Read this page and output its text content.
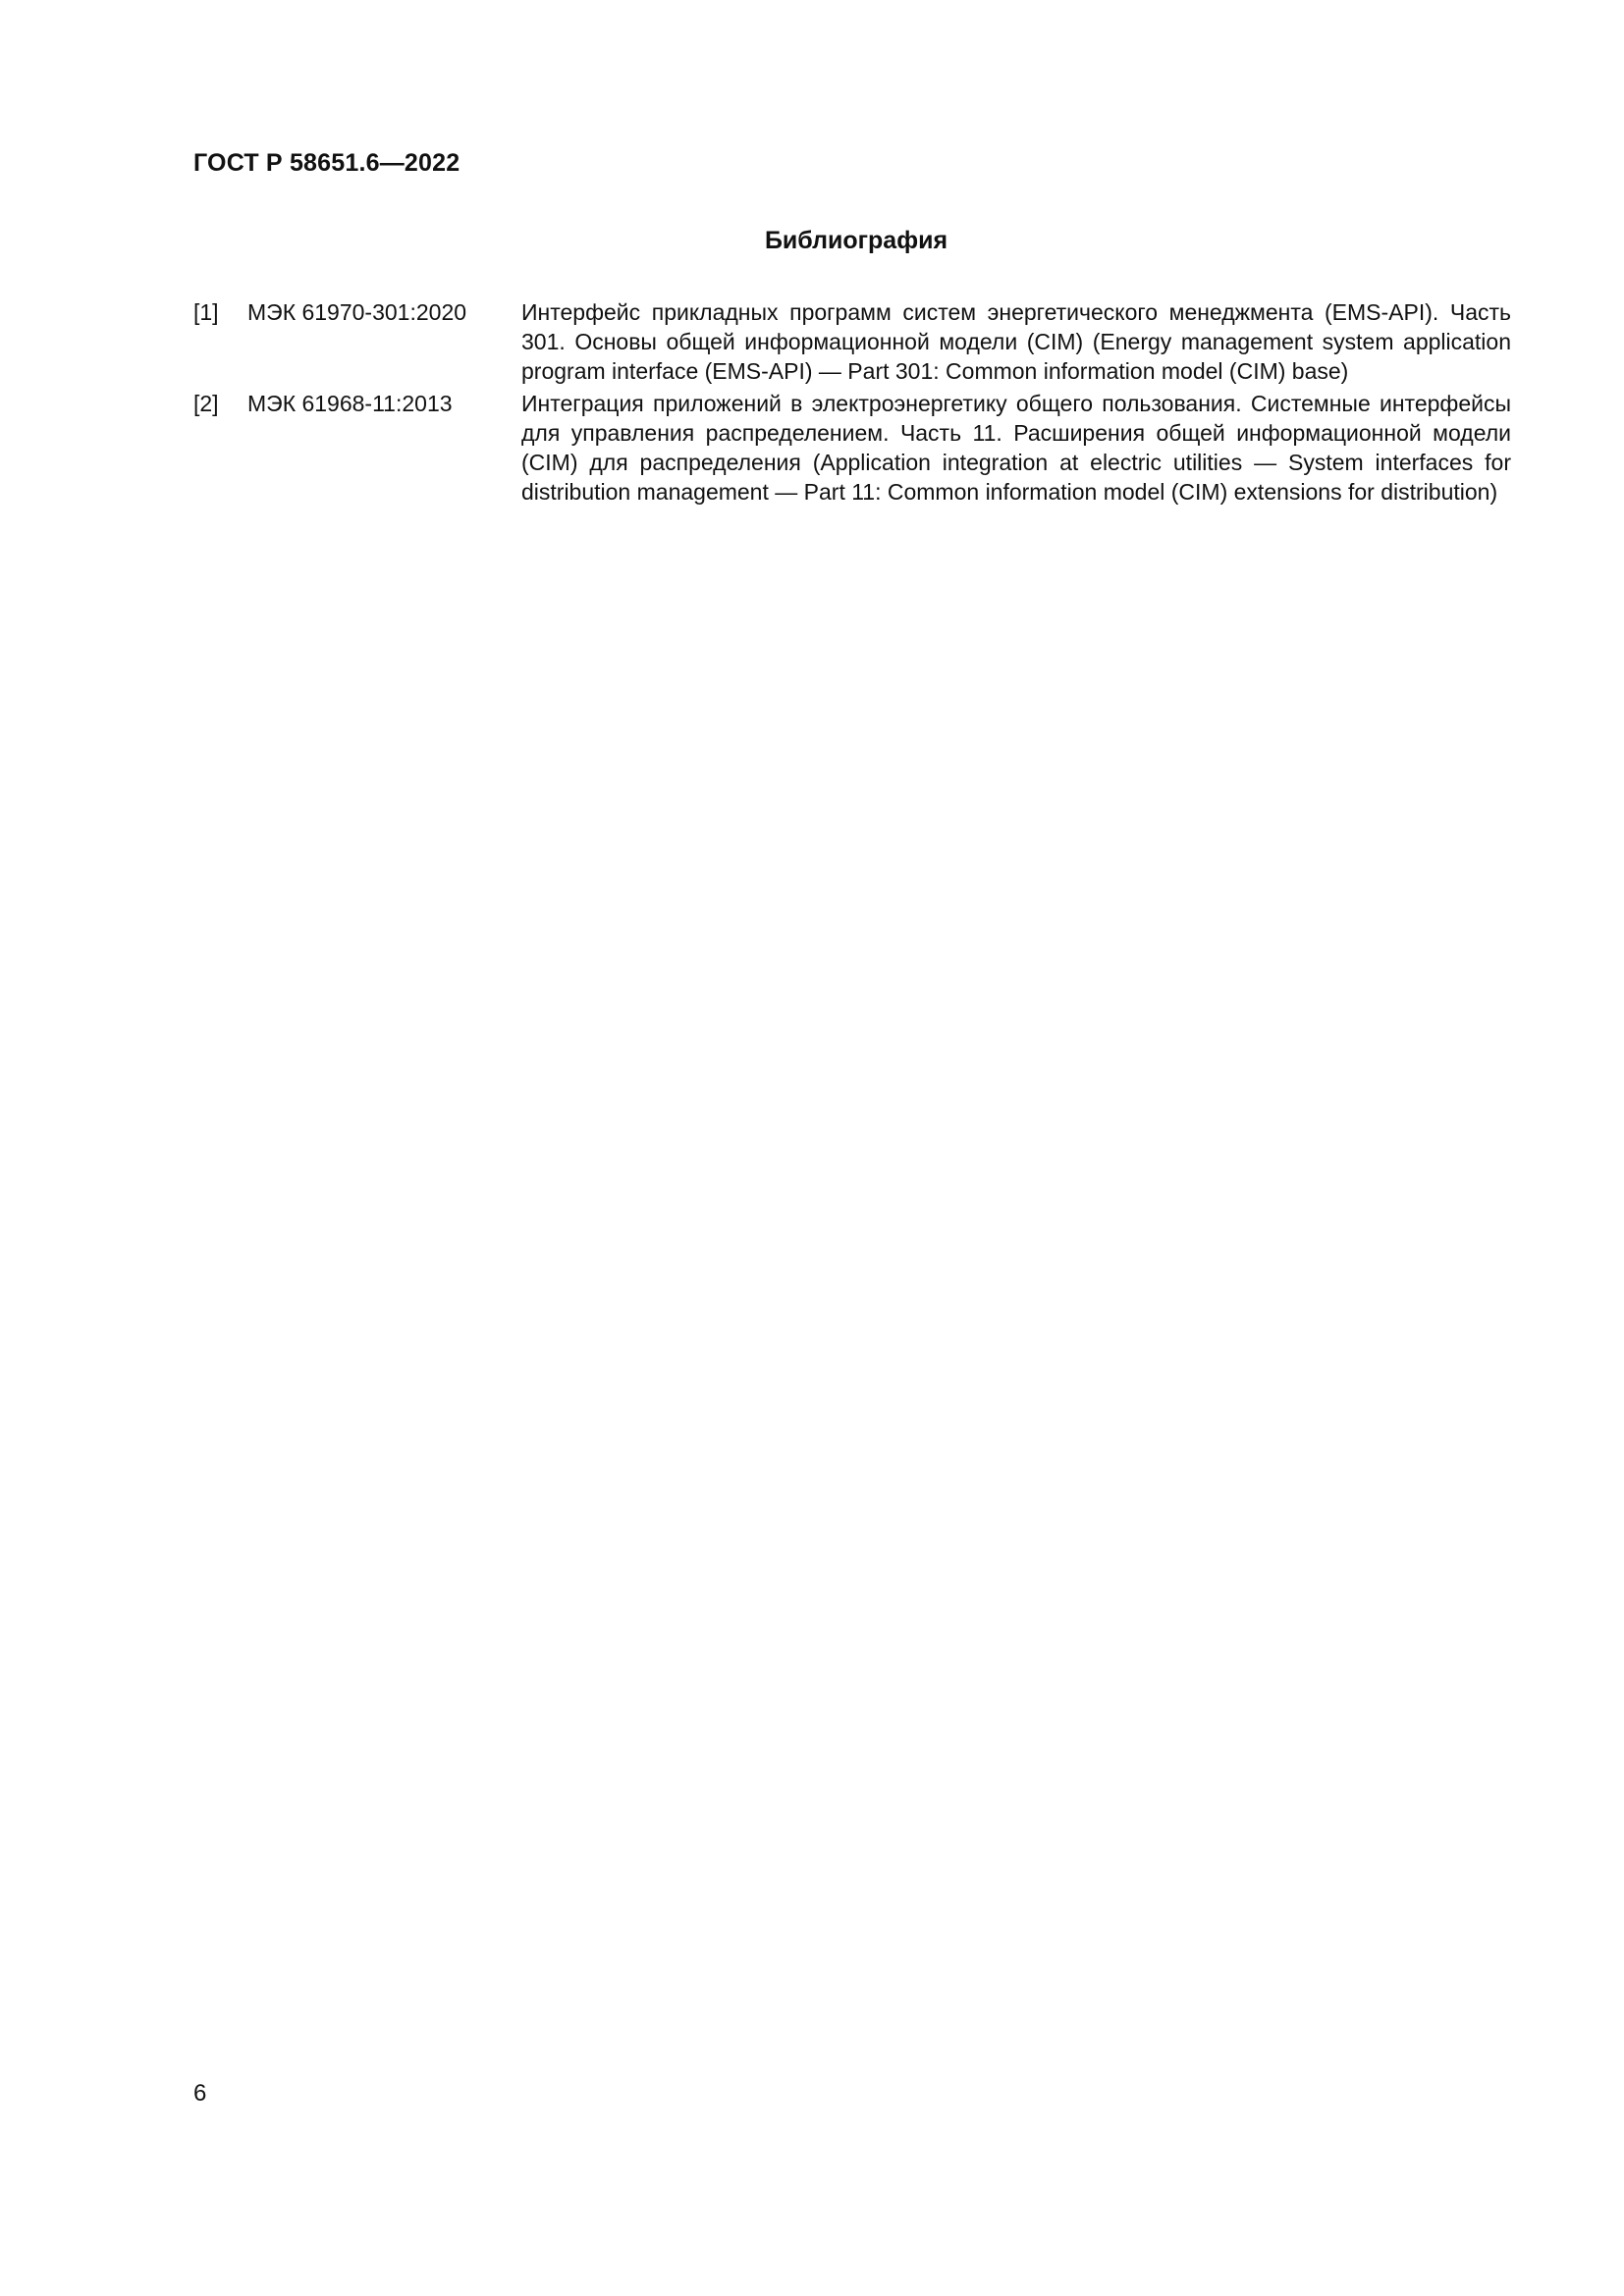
ГОСТ Р 58651.6—2022
Библиография
[1]	МЭК 61970-301:2020	Интерфейс прикладных программ систем энергетического менеджмента (EMS-API). Часть 301. Основы общей информационной модели (CIM) (Energy management system application program interface (EMS-API) — Part 301: Common information model (CIM) base)
[2]	МЭК 61968-11:2013	Интеграция приложений в электроэнергетику общего пользования. Системные интерфейсы для управления распределением. Часть 11. Расширения общей информационной модели (CIM) для распределения (Application integration at electric utilities — System interfaces for distribution management — Part 11: Common information model (CIM) extensions for distribution)
6
